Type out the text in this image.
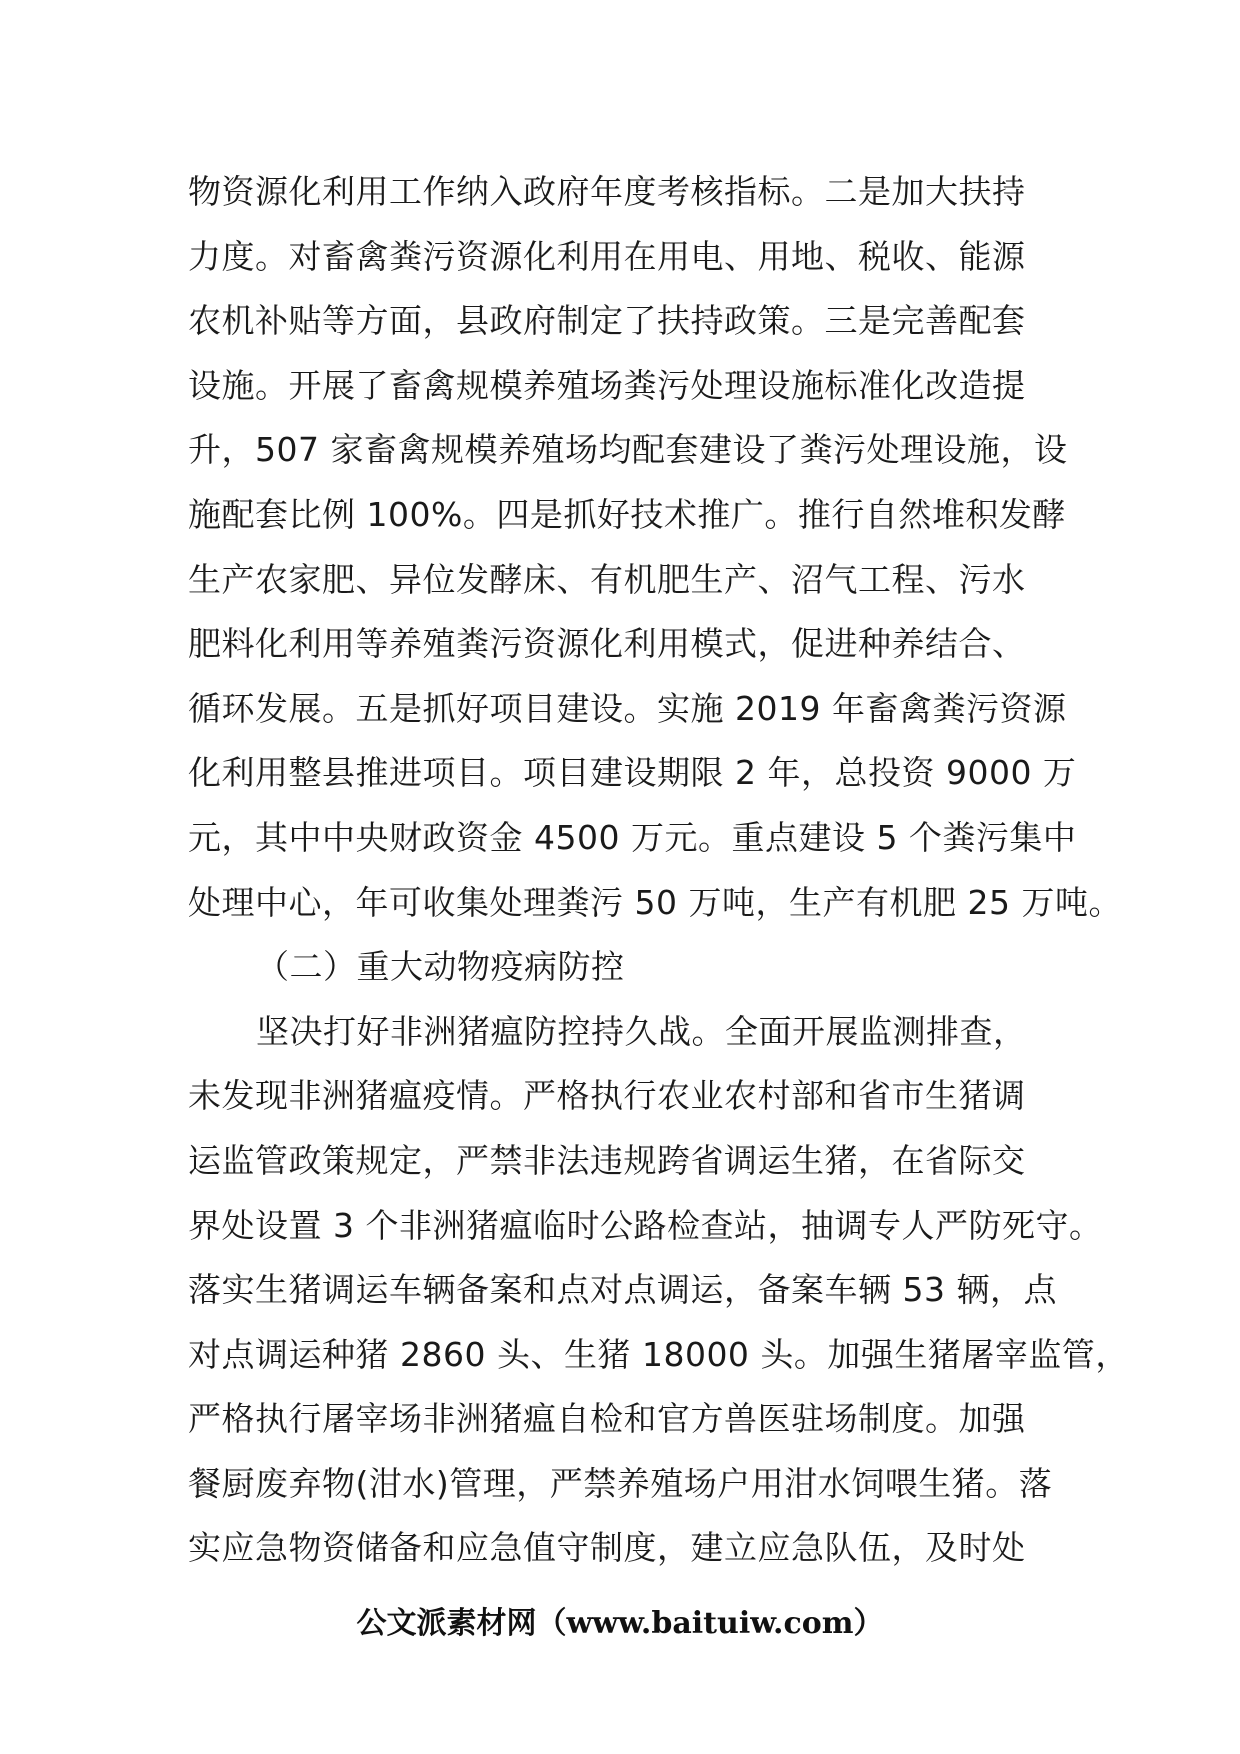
物资源化利用工作纳入政府年度考核指标。二是加大扶持
力度。对畜禽粪污资源化利用在用电、用地、税收、能源
农机补贴等方面，县政府制定了扶持政策。三是完善配套
设施。开展了畜禽规模养殖场粪污处理设施标准化改造提
升，507 家畜禽规模养殖场均配套建设了粪污处理设施，设
施配套比例 100%。四是抓好技术推广。推行自然堆积发酵
生产农家肥、异位发酵床、有机肥生产、沼气工程、污水
肥料化利用等养殖粪污资源化利用模式，促进种养结合、
循环发展。五是抓好项目建设。实施 2019 年畜禽粪污资源
化利用整县推进项目。项目建设期限 2 年，总投资 9000 万
元，其中中央财政资金 4500 万元。重点建设 5 个粪污集中
处理中心，年可收集处理粪污 50 万吨，生产有机肥 25 万吨。
（二）重大动物疫病防控
坚决打好非洲猪瘟防控持久战。全面开展监测排查，
未发现非洲猪瘟疫情。严格执行农业农村部和省市生猪调
运监管政策规定，严禁非法违规跨省调运生猪，在省际交
界处设置 3 个非洲猪瘟临时公路检查站，抽调专人严防死守。
落实生猪调运车辆备案和点对点调运，备案车辆 53 辆，点
对点调运种猪 2860 头、生猪 18000 头。加强生猪屠宰监管，
严格执行屠宰场非洲猪瘟自检和官方兽医驻场制度。加强
餐厨废弃物(泔水)管理，严禁养殖场户用泔水饲喂生猪。落
实应急物资储备和应急值守制度，建立应急队伍，及时处
公文派素材网（www.baituiw.com）
